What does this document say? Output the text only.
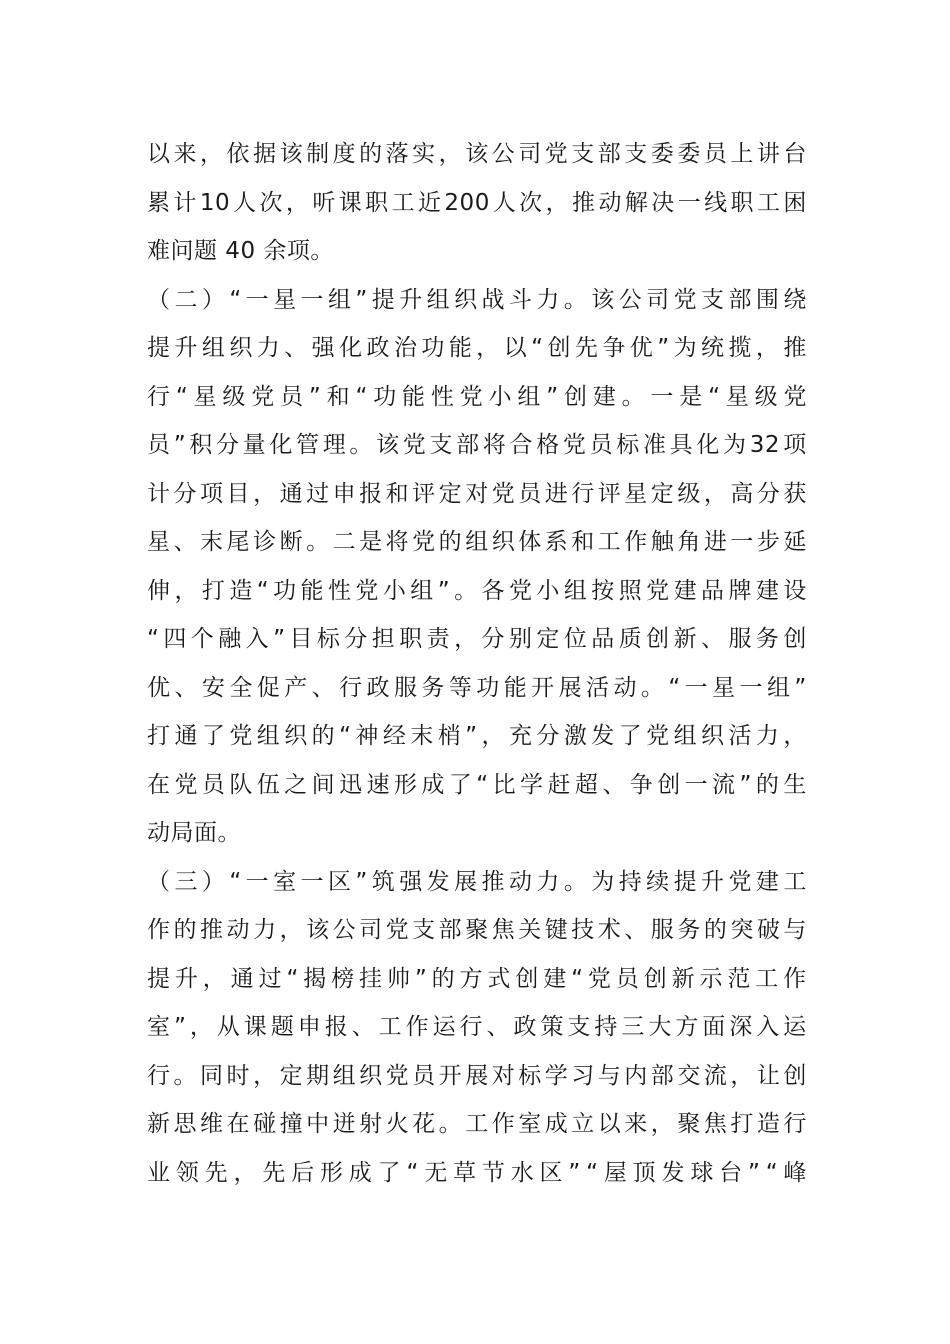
以 来 ， 依 据 该 制 度 的 落 实 ， 该 公 司 党 支 部 支 委 委 员 上 讲 台
累 计 10 人 次 ， 听 课 职 工 近 200 人 次 ， 推 动 解 决 一 线 职 工 困
难问题 40 余项。
（ 二 ） “ 一 星 一 组 ” 提 升 组 织 战 斗 力 。 该 公 司 党 支 部 围 绕
提 升 组 织 力 、 强 化 政 治 功 能 ， 以 “ 创 先 争 优 ” 为 统 揽 ， 推
行 “ 星 级 党 员 ” 和 “ 功 能 性 党 小 组 ” 创 建 。 一 是 “ 星 级 党
员 ” 积 分 量 化 管 理 。 该 党 支 部 将 合 格 党 员 标 准 具 化 为 32 项
计 分 项 目 ， 通 过 申 报 和 评 定 对 党 员 进 行 评 星 定 级 ， 高 分 获
星 、 末 尾 诊 断 。 二 是 将 党 的 组 织 体 系 和 工 作 触 角 进 一 步 延
伸 ， 打 造 “ 功 能 性 党 小 组 ” 。 各 党 小 组 按 照 党 建 品 牌 建 设
“ 四 个 融 入 ” 目 标 分 担 职 责 ， 分 别 定 位 品 质 创 新 、 服 务 创
优 、 安 全 促 产 、 行 政 服 务 等 功 能 开 展 活 动 。 “ 一 星 一 组 ”
打 通 了 党 组 织 的 “ 神 经 末 梢 ” ， 充 分 激 发 了 党 组 织 活 力 ，
在 党 员 队 伍 之 间 迅 速 形 成 了 “ 比 学 赶 超 、 争 创 一 流 ” 的 生
动局面。
（ 三 ） “ 一 室 一 区 ” 筑 强 发 展 推 动 力 。 为 持 续 提 升 党 建 工
作 的 推 动 力 ， 该 公 司 党 支 部 聚 焦 关 键 技 术 、 服 务 的 突 破 与
提 升 ， 通 过 “ 揭 榜 挂 帅 ” 的 方 式 创 建 “ 党 员 创 新 示 范 工 作
室 ” ， 从 课 题 申 报 、 工 作 运 行 、 政 策 支 持 三 大 方 面 深 入 运
行 。 同 时 ， 定 期 组 织 党 员 开 展 对 标 学 习 与 内 部 交 流 ， 让 创
新 思 维 在 碰 撞 中 迸 射 火 花 。 工 作 室 成 立 以 来 ， 聚 焦 打 造 行
业 领 先 ， 先 后 形 成 了 “ 无 草 节 水 区 ” “ 屋 顶 发 球 台 ” “ 峰
